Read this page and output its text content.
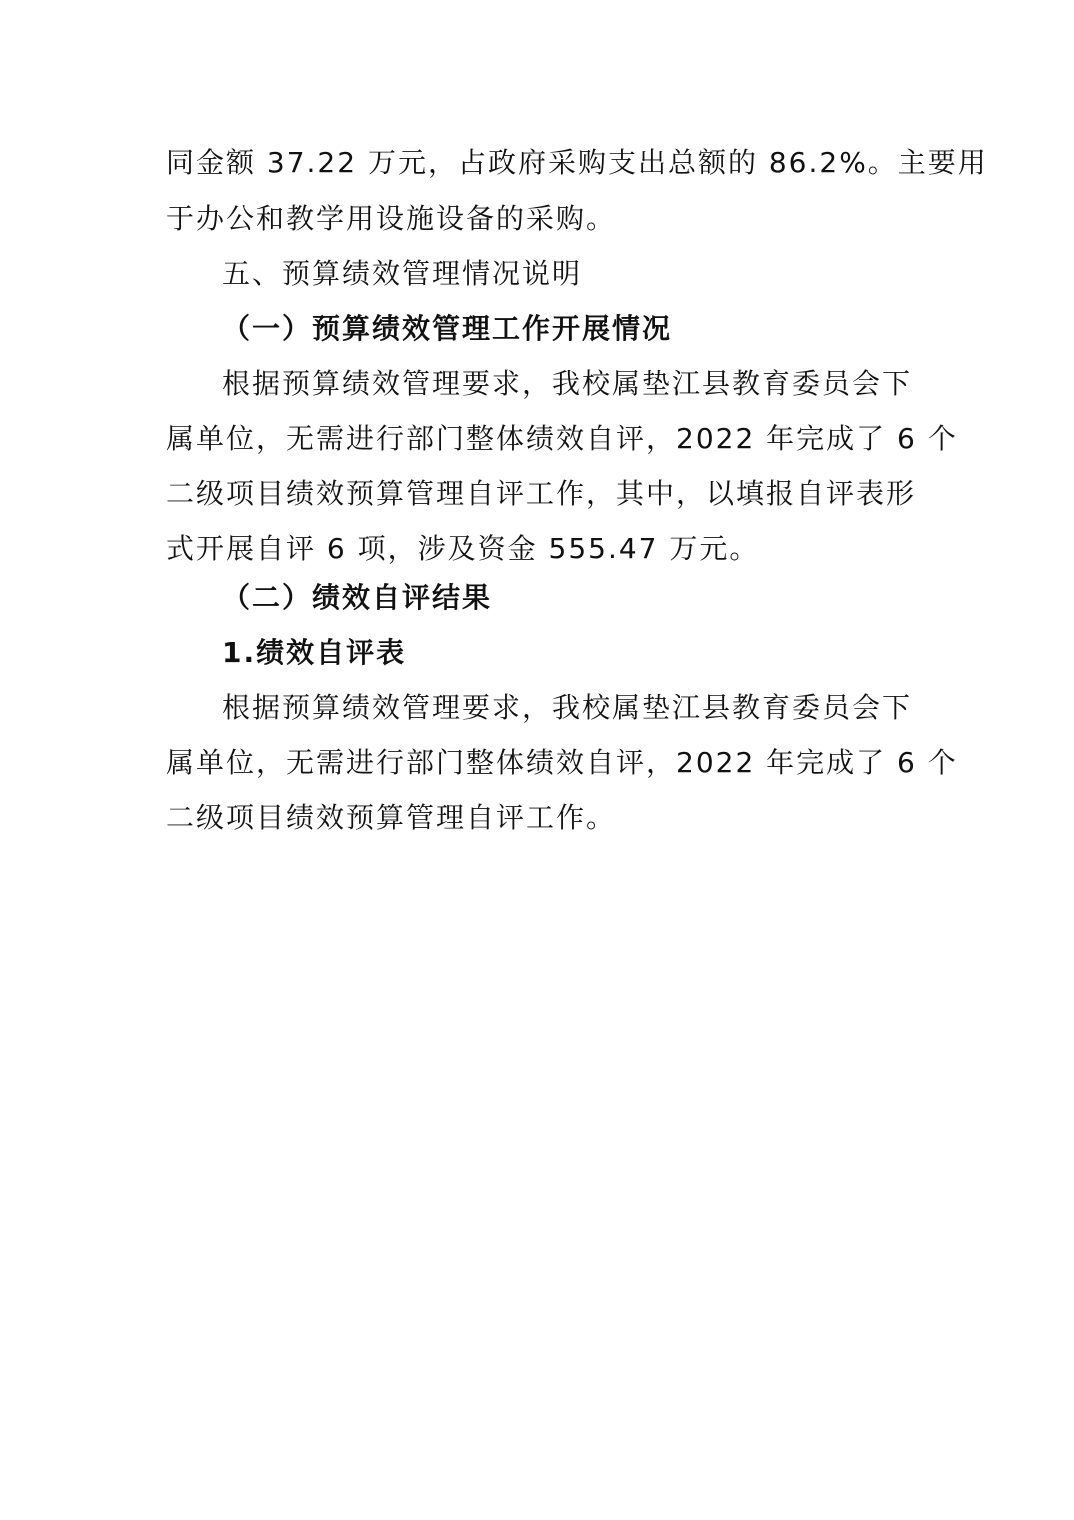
同金额 37.22 万元，占政府采购支出总额的 86.2%。主要用
于办公和教学用设施设备的采购。
五、预算绩效管理情况说明
（一）预算绩效管理工作开展情况
根据预算绩效管理要求，我校属垫江县教育委员会下
属单位，无需进行部门整体绩效自评，2022 年完成了 6 个
二级项目绩效预算管理自评工作，其中，以填报自评表形
式开展自评 6 项，涉及资金 555.47 万元。
（二）绩效自评结果
1.绩效自评表
根据预算绩效管理要求，我校属垫江县教育委员会下
属单位，无需进行部门整体绩效自评，2022 年完成了 6 个
二级项目绩效预算管理自评工作。
